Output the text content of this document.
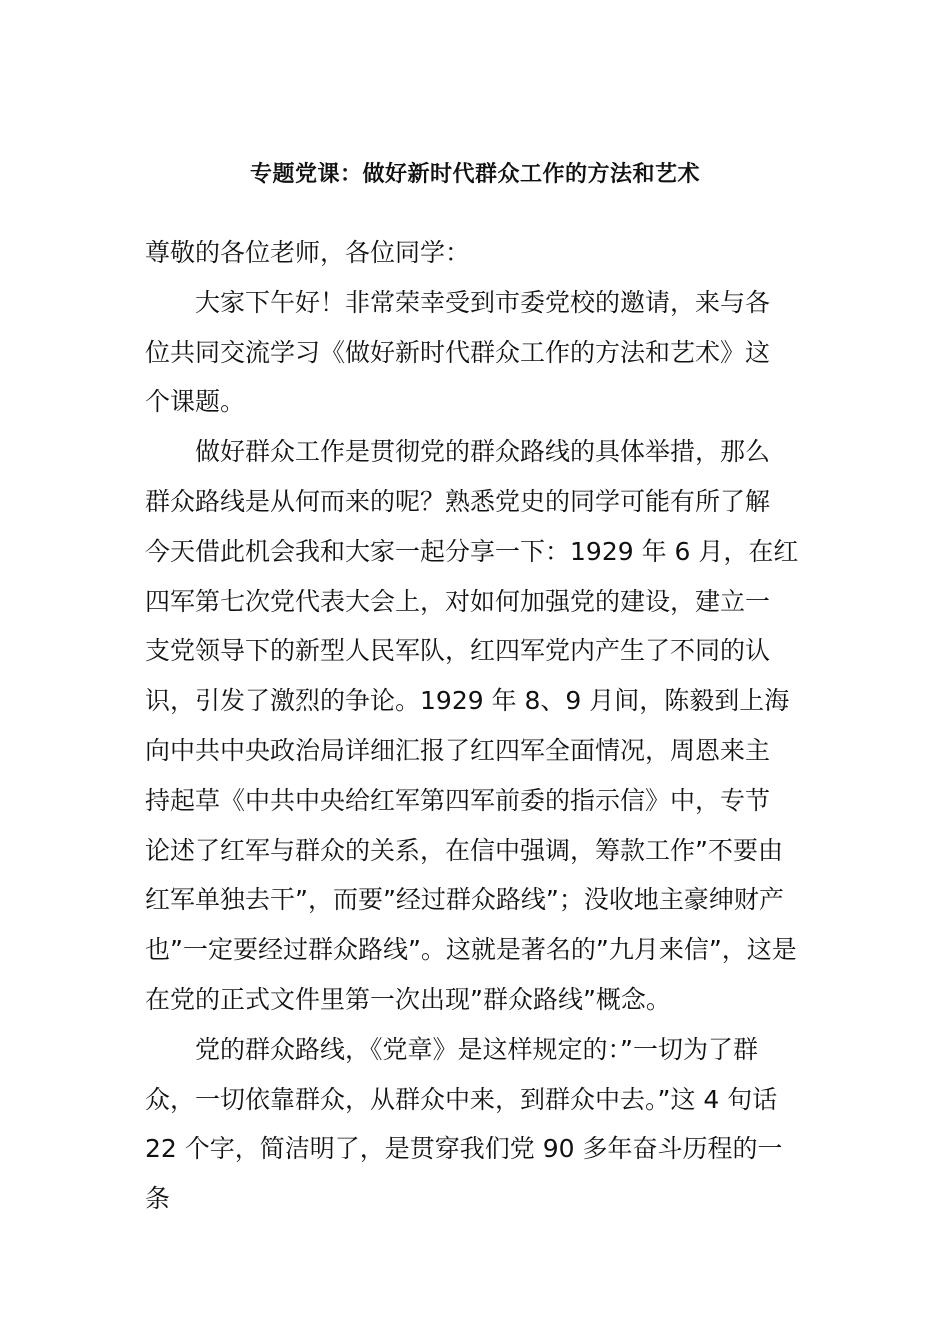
专题党课：做好新时代群众工作的方法和艺术
尊敬的各位老师，各位同学：
大家下午好！非常荣幸受到市委党校的邀请，来与各
位共同交流学习《做好新时代群众工作的方法和艺术》这
个课题。
做好群众工作是贯彻党的群众路线的具体举措，那么
群众路线是从何而来的呢？熟悉党史的同学可能有所了解
今天借此机会我和大家一起分享一下：1929 年 6 月，在红
四军第七次党代表大会上，对如何加强党的建设，建立一
支党领导下的新型人民军队，红四军党内产生了不同的认
识，引发了激烈的争论。1929 年 8、9 月间，陈毅到上海
向中共中央政治局详细汇报了红四军全面情况，周恩来主
持起草《中共中央给红军第四军前委的指示信》中，专节
论述了红军与群众的关系，在信中强调，筹款工作”不要由
红军单独去干”，而要”经过群众路线”；没收地主豪绅财产
也”一定要经过群众路线”。这就是著名的”九月来信”，这是
在党的正式文件里第一次出现”群众路线”概念。
党的群众路线，《党章》是这样规定的：”一切为了群
众，一切依靠群众，从群众中来，到群众中去。”这 4 句话
22 个字，简洁明了，是贯穿我们党 90 多年奋斗历程的一
条
